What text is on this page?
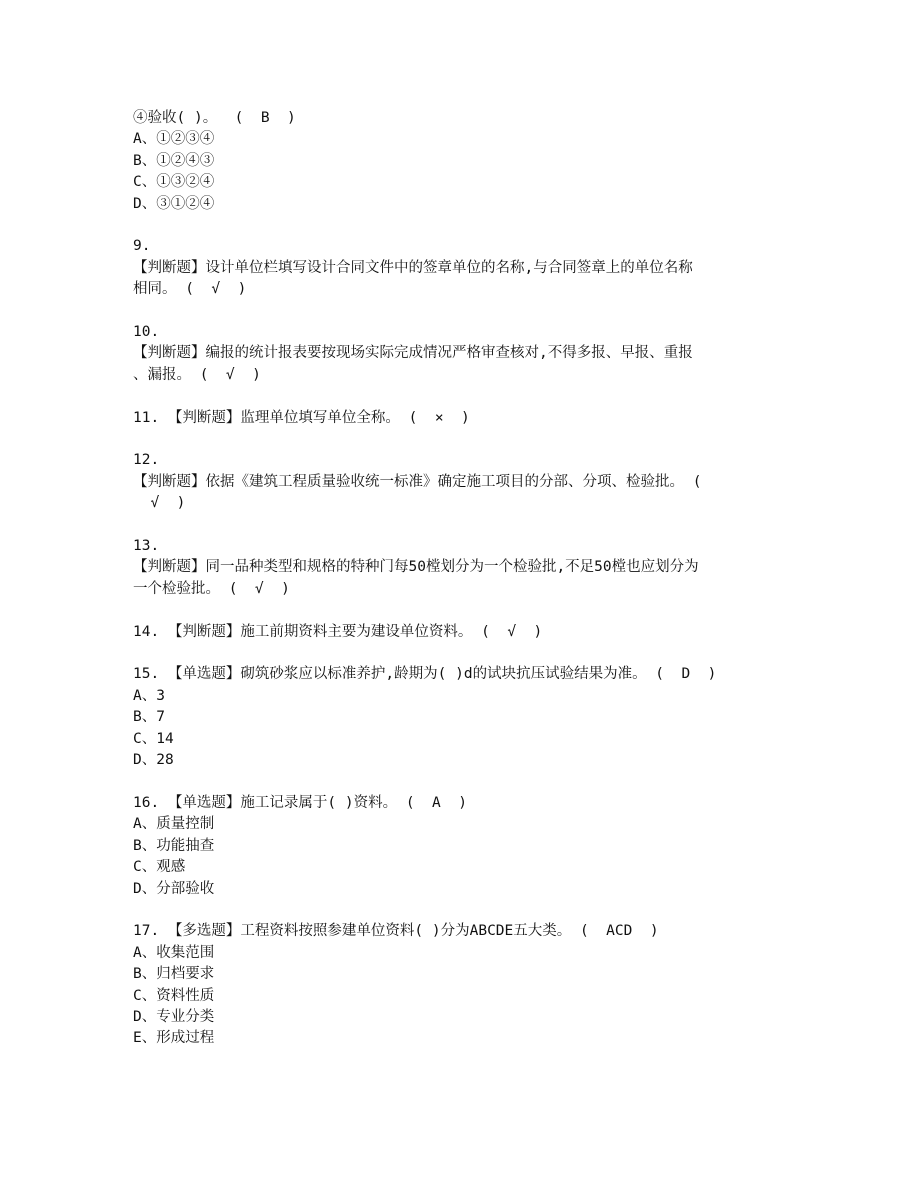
④验收( )。  (  B  )
A、①②③④
B、①②④③
C、①③②④
D、③①②④
9.
【判断题】设计单位栏填写设计合同文件中的签章单位的名称,与合同签章上的单位名称
相同。 (  √  )
10.
【判断题】编报的统计报表要按现场实际完成情况严格审查核对,不得多报、早报、重报
、漏报。 (  √  )
11. 【判断题】监理单位填写单位全称。 (  ×  )
12.
【判断题】依据《建筑工程质量验收统一标准》确定施工项目的分部、分项、检验批。 (
√  )
13.
【判断题】同一品种类型和规格的特种门每50樘划分为一个检验批,不足50樘也应划分为
一个检验批。 (  √  )
14. 【判断题】施工前期资料主要为建设单位资料。 (  √  )
15. 【单选题】砌筑砂浆应以标准养护,龄期为( )d的试块抗压试验结果为准。 (  D  )
A、3
B、7
C、14
D、28
16. 【单选题】施工记录属于( )资料。 (  A  )
A、质量控制
B、功能抽查
C、观感
D、分部验收
17. 【多选题】工程资料按照参建单位资料( )分为ABCDE五大类。 (  ACD  )
A、收集范围
B、归档要求
C、资料性质
D、专业分类
E、形成过程
